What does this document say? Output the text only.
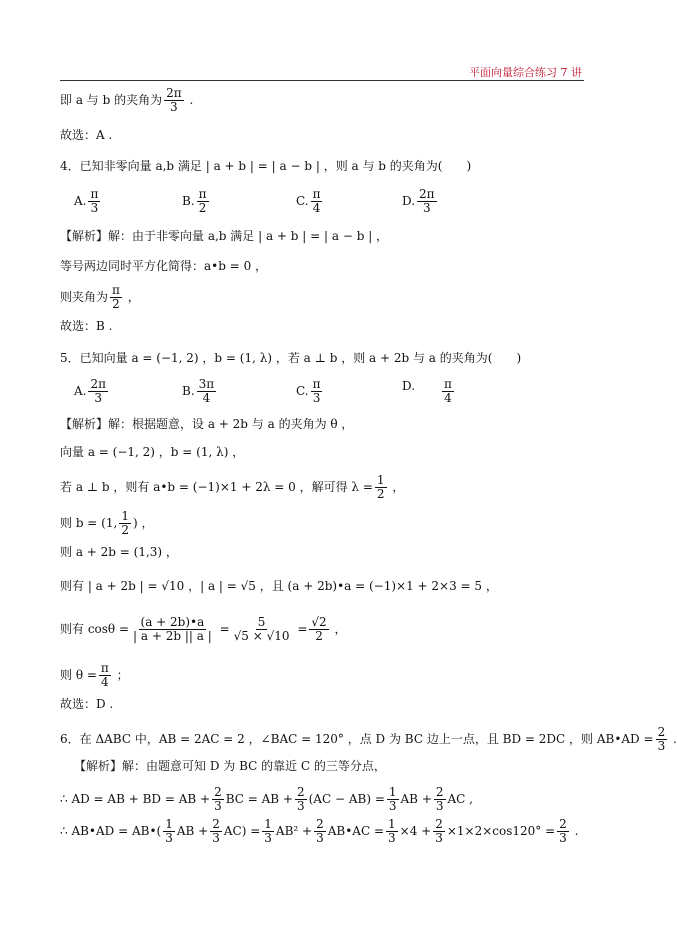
平面向量综合练习 7 讲
即 a 与 b 的夹角为 $\frac{2\pi}{3}$ .
故选：A .
4．已知非零向量 a,b 满足 | a + b | = | a − b | ，则 a 与 b 的夹角为(　　)
A. $\frac{\pi}{3}$	B. $\frac{\pi}{2}$	C. $\frac{\pi}{4}$	D. $\frac{2\pi}{3}$
【解析】解：由于非零向量 a,b 满足 | a + b | = | a − b | ，
等号两边同时平方化简得：a•b = 0 ，
则夹角为 $\frac{\pi}{2}$ ，
故选：B .
5．已知向量 a = (−1, 2) ，b = (1, λ) ，若 a ⊥ b ，则 a + 2b 与 a 的夹角为(　　)
A. $\frac{2\pi}{3}$	B. $\frac{3\pi}{4}$	C. $\frac{\pi}{3}$	D. $\frac{\pi}{4}$
【解析】解：根据题意，设 a + 2b 与 a 的夹角为 θ ，
向量 a = (−1, 2) ，b = (1, λ) ，
若 a ⊥ b ，则有 a•b = (−1)×1 + 2λ = 0 ，解可得 $\lambda = \frac{1}{2}$ ，
则 b = (1, $\frac{1}{2}$ ) ，
则 a + 2b = (1,3) ，
则有 | a + 2b | = √10 ，| a | = √5 ，且 (a + 2b)•a = (−1)×1 + 2×3 = 5 ，
则有 $\cos\theta = \frac{(a + 2b)•a}{| a + 2b || a |} = \frac{5}{√5 \times √10} = \frac{√2}{2}$ ，
则 $\theta = \frac{\pi}{4}$ ；
故选：D .
6．在 ΔABC 中，AB = 2AC = 2 ，∠BAC = 120° ，点 D 为 BC 边上一点，且 BD = 2DC ，则 AB•AD = $\frac{2}{3}$ .
【解析】解：由题意可知 D 为 BC 的靠近 C 的三等分点，
∴ AD = AB + BD = AB + $\frac{2}{3}$ BC = AB + $\frac{2}{3} (AC - AB) = \frac{1}{3}$ AB + $\frac{2}{3}$ AC ,
∴ AB•AD = AB•( $\frac{1}{3}$ AB + $\frac{2}{3} AC) = \frac{1}{3} AB^2 + \frac{2}{3}$ AB•AC = $\frac{1}{3} \times 4 + \frac{2}{3} \times 1\times 2\times\cos 120^\circ = \frac{2}{3}$ .
